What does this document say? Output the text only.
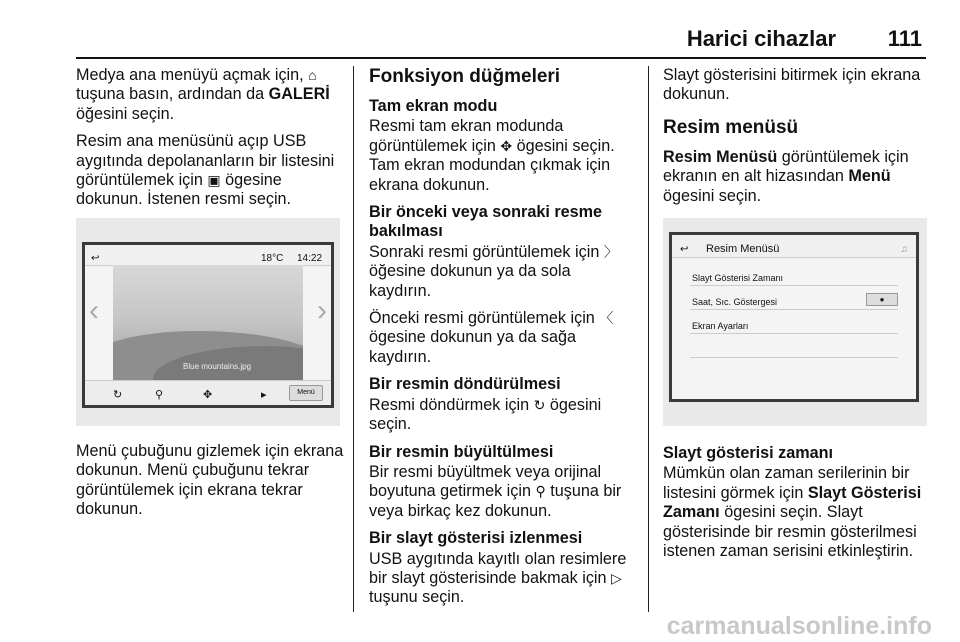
Harici cihazlar 111

Medya ana menüyü açmak için, ⌂
tuşuna basın, ardından da GALERİ
öğesini seçin.

Resim ana menüsünü açıp USB aygıtında depolananların bir listesini görüntülemek için ▣ ögesine dokunun. İstenen resmi seçin.

↩	18°C 14:22
‹	›
Blue mountains.jpg
↻	⚲	✥	▸	Menü

Menü çubuğunu gizlemek için ekrana dokunun. Menü çubuğunu tekrar görüntülemek için ekrana tekrar dokunun.

Fonksiyon düğmeleri
Tam ekran modu

Resmi tam ekran modunda görüntülemek için ✥ ögesini seçin. Tam ekran modundan çıkmak için ekrana dokunun.

Bir önceki veya sonraki resme bakılması

Sonraki resmi görüntülemek için 〉 öğesine dokunun ya da sola kaydırın.

Önceki resmi görüntülemek için 〈 ögesine dokunun ya da sağa kaydırın.

Bir resmin döndürülmesi

Resmi döndürmek için ↻ ögesini seçin.

Bir resmin büyültülmesi

Bir resmi büyültmek veya orijinal boyutuna getirmek için ⚲ tuşuna bir veya birkaç kez dokunun.

Bir slayt gösterisi izlenmesi

USB aygıtında kayıtlı olan resimlere bir slayt gösterisinde bakmak için ▷ tuşunu seçin.

Slayt gösterisini bitirmek için ekrana dokunun.

Resim menüsü

Resim Menüsü görüntülemek için ekranın en alt hizasından Menü ögesini seçin.

↩ Resim Menüsü	♫
Slayt Gösterisi Zamanı
Saat, Sıc. Göstergesi	●
Ekran Ayarları
Slayt gösterisi zamanı

Mümkün olan zaman serilerinin bir listesini görmek için Slayt Gösterisi Zamanı ögesini seçin. Slayt gösterisinde bir resmin gösterilmesi istenen zaman serisini etkinleştirin.

carmanualsonline.info
